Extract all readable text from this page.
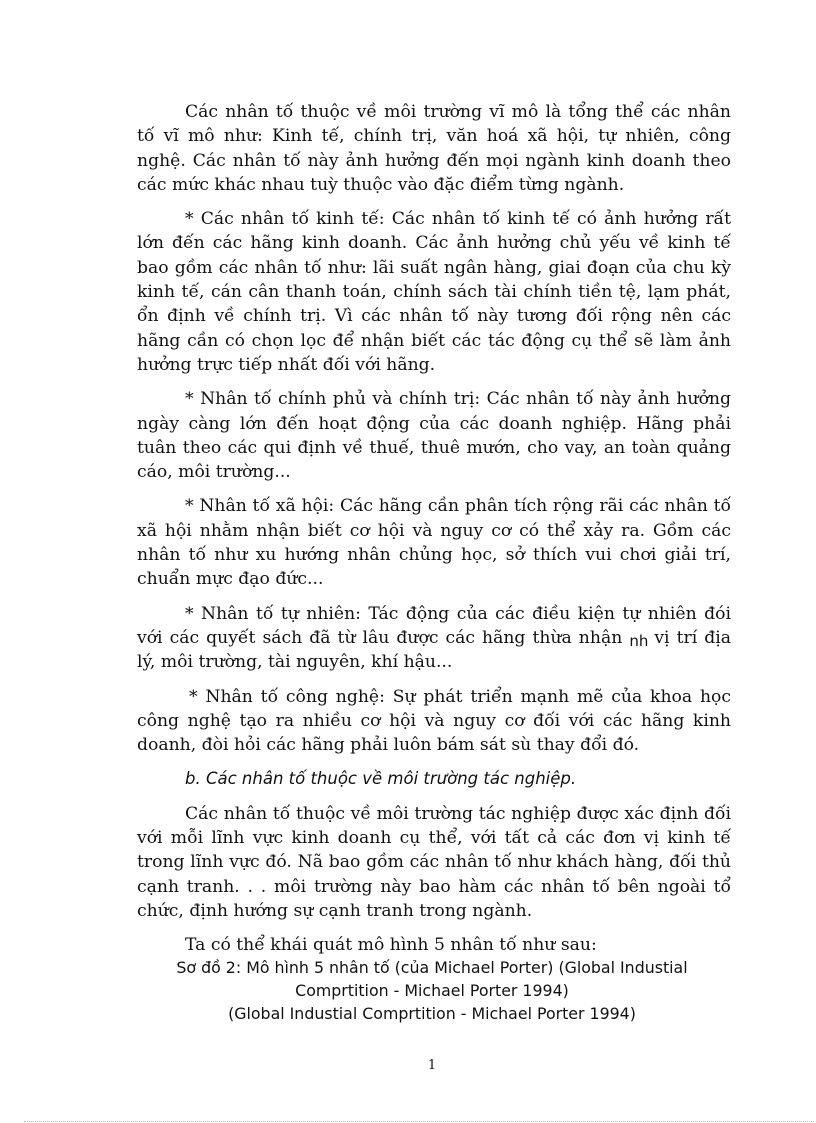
Các nhân tố thuộc về môi trường vĩ mô là tổng thể các nhân tố vĩ mô như: Kinh tế, chính trị, văn hoá xã hội, tự nhiên, công nghệ. Các nhân tố này ảnh hưởng đến mọi ngành kinh doanh theo các mức khác nhau tuỳ thuộc vào đặc điểm từng ngành.

* Các nhân tố kinh tế: Các nhân tố kinh tế có ảnh hưởng rất lớn đến các hãng kinh doanh. Các ảnh hưởng chủ yếu về kinh tế bao gồm các nhân tố như: lãi suất ngân hàng, giai đoạn của chu kỳ kinh tế, cán cân thanh toán, chính sách tài chính tiền tệ, lạm phát, ổn định về chính trị. Vì các nhân tố này tương đối rộng nên các hãng cần có chọn lọc để nhận biết các tác động cụ thể sẽ làm ảnh hưởng trực tiếp nhất đối với hãng.

* Nhân tố chính phủ và chính trị: Các nhân tố này ảnh hưởng ngày càng lớn đến hoạt động của các doanh nghiệp. Hãng phải tuân theo các qui định về thuế, thuê mướn, cho vay, an toàn quảng cáo, môi trường...

* Nhân tố xã hội: Các hãng cần phân tích rộng rãi các nhân tố xã hội nhằm nhận biết cơ hội và nguy cơ có thể xảy ra. Gồm các nhân tố như xu hướng nhân chủng học, sở thích vui chơi giải trí, chuẩn mực đạo đức...

* Nhân tố tự nhiên: Tác động của các điều kiện tự nhiên đói với các quyết sách đã từ lâu được các hãng thừa nhận nh vị trí địa lý, môi trường, tài nguyên, khí hậu...

* Nhân tố công nghệ: Sự phát triển mạnh mẽ của khoa học công nghệ tạo ra nhiều cơ hội và nguy cơ đối với các hãng kinh doanh, đòi hỏi các hãng phải luôn bám sát sù thay đổi đó.

b. Các nhân tố thuộc về môi trường tác nghiệp.

Các nhân tố thuộc về môi trường tác nghiệp được xác định đối với mỗi lĩnh vực kinh doanh cụ thể, với tất cả các đơn vị kinh tế trong lĩnh vực đó. Nã bao gồm các nhân tố như khách hàng, đối thủ cạnh tranh. . . môi trường này bao hàm các nhân tố bên ngoài tổ chức, định hướng sự cạnh tranh trong ngành.

Ta có thể khái quát mô hình 5 nhân tố như sau:

Sơ đồ 2: Mô hình 5 nhân tố (của Michael Porter) (Global Industial
Comprtition - Michael Porter 1994)
(Global Industial Comprtition - Michael Porter 1994)
1
